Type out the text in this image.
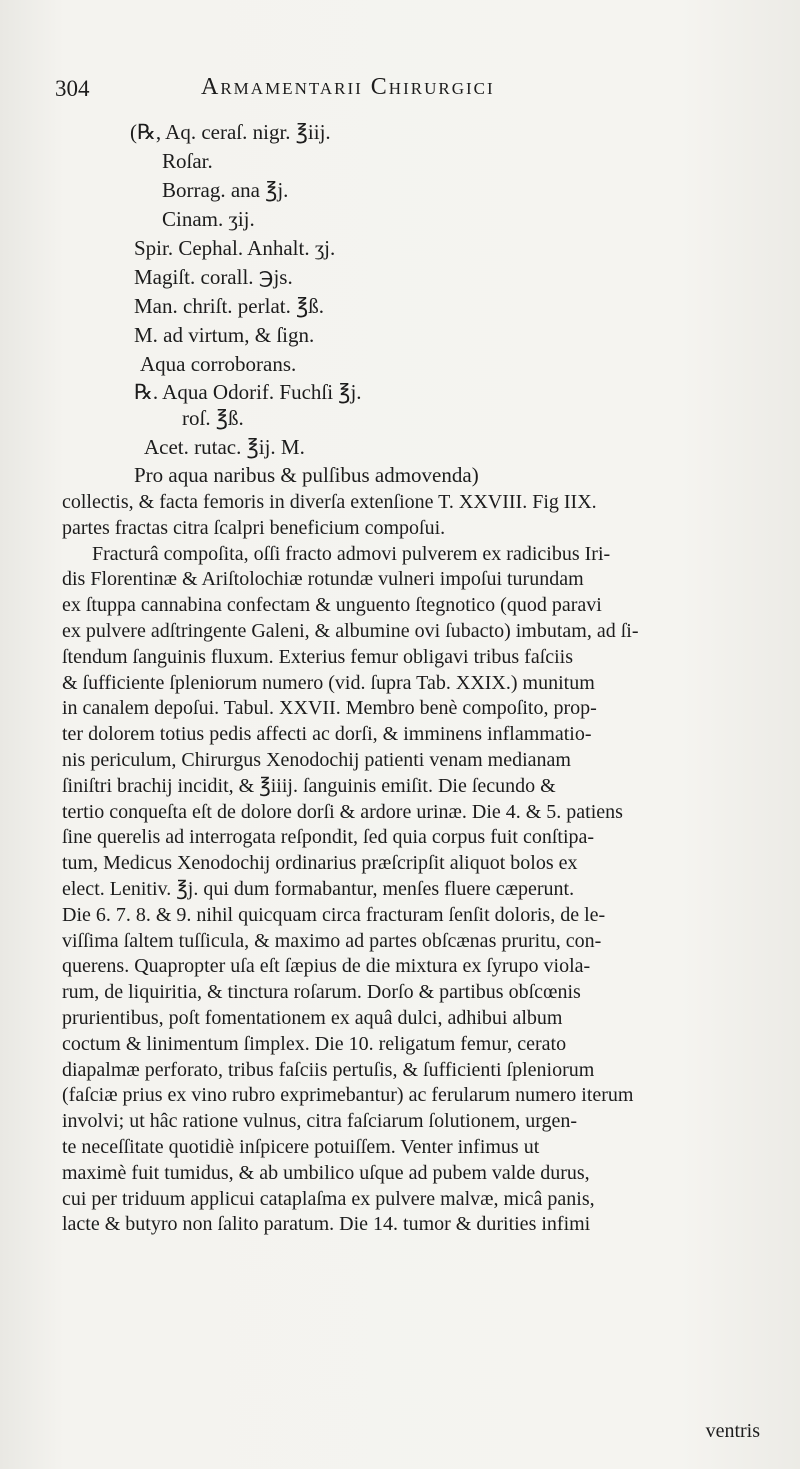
304	Armamentarii Chirurgici
(℞, Aq. ceraſ. nigr. ℥iij.
Roſar.
Borrag. ana ℥j.
Cinam. ʒij.
Spir. Cephal. Anhalt. ʒj.
Magiſt. corall. ℈js.
Man. chriſt. perlat. ℥ß.
M. ad virtum, & ſign.
Aqua corroborans.
℞. Aqua Odorif. Fuchſi ℥j.
roſ. ℥ß.
Acet. rutac. ℥ij. M.
Pro aqua naribus & pulſibus admovenda)
collectis, & facta femoris in diverſa extenſione T. XXVIII. Fig IIX.
partes fractas citra ſcalpri beneficium compoſui.
Fracturâ compoſita, oſſi fracto admovi pulverem ex radicibus Iri-
dis Florentinæ & Ariſtolochiæ rotundæ vulneri impoſui turundam
ex ſtuppa cannabina confectam & unguento ſtegnotico (quod paravi
ex pulvere adſtringente Galeni, & albumine ovi ſubacto) imbutam, ad ſi-
ſtendum ſanguinis fluxum. Exterius femur obligavi tribus faſciis
& ſufficiente ſpleniorum numero (vid. ſupra Tab. XXIX.) munitum
in canalem depoſui. Tabul. XXVII. Membro benè compoſito, prop-
ter dolorem totius pedis affecti ac dorſi, & imminens inflammatio-
nis periculum, Chirurgus Xenodochij patienti venam medianam
ſiniſtri brachij incidit, & ℥iiij. ſanguinis emiſit. Die ſecundo &
tertio conqueſta eſt de dolore dorſi & ardore urinæ. Die 4. & 5. patiens
ſine querelis ad interrogata reſpondit, ſed quia corpus fuit conſtipa-
tum, Medicus Xenodochij ordinarius præſcripſit aliquot bolos ex
elect. Lenitiv. ℥j. qui dum formabantur, menſes fluere cæperunt.
Die 6. 7. 8. & 9. nihil quicquam circa fracturam ſenſit doloris, de le-
viſſima ſaltem tuſſicula, & maximo ad partes obſcænas pruritu, con-
querens. Quapropter uſa eſt ſæpius de die mixtura ex ſyrupo viola-
rum, de liquiritia, & tinctura roſarum. Dorſo & partibus obſcœnis
prurientibus, poſt fomentationem ex aquâ dulci, adhibui album
coctum & linimentum ſimplex. Die 10. religatum femur, cerato
diapalmæ perforato, tribus faſciis pertuſis, & ſufficienti ſpleniorum
(faſciæ prius ex vino rubro exprimebantur) ac ferularum numero iterum
involvi; ut hâc ratione vulnus, citra faſciarum ſolutionem, urgen-
te neceſſitate quotidiè inſpicere potuiſſem. Venter infimus ut
maximè fuit tumidus, & ab umbilico uſque ad pubem valde durus,
cui per triduum applicui cataplaſma ex pulvere malvæ, micâ panis,
lacte & butyro non ſalito paratum. Die 14. tumor & durities infimi
ventris
